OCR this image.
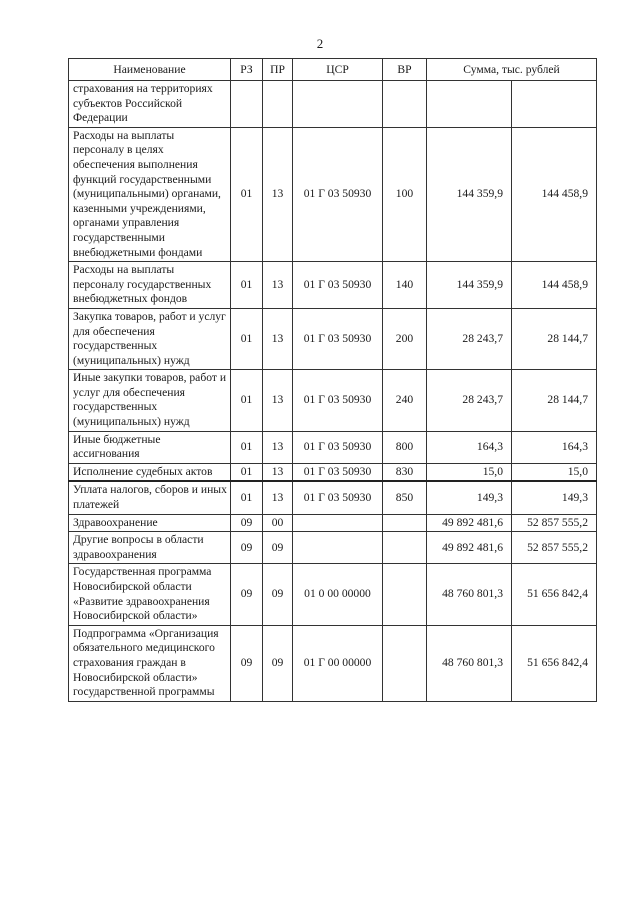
2
Наименование	РЗ	ПР	ЦСР	ВР	Сумма, тыс. рублей	
страхования на территориях субъектов Российской Федерации						
Расходы на выплаты персоналу в целях обеспечения выполнения функций государственными (муниципальными) органами, казенными учреждениями, органами управления государственными внебюджетными фондами	01	13	01 Г 03 50930	100	144 359,9	144 458,9
Расходы на выплаты персоналу государственных внебюджетных фондов	01	13	01 Г 03 50930	140	144 359,9	144 458,9
Закупка товаров, работ и услуг для обеспечения государственных (муниципальных) нужд	01	13	01 Г 03 50930	200	28 243,7	28 144,7
Иные закупки товаров, работ и услуг для обеспечения государственных (муниципальных) нужд	01	13	01 Г 03 50930	240	28 243,7	28 144,7
Иные бюджетные ассигнования	01	13	01 Г 03 50930	800	164,3	164,3
Исполнение судебных актов	01	13	01 Г 03 50930	830	15,0	15,0
Уплата налогов, сборов и иных платежей	01	13	01 Г 03 50930	850	149,3	149,3
Здравоохранение	09	00			49 892 481,6	52 857 555,2
Другие вопросы в области здравоохранения	09	09			49 892 481,6	52 857 555,2
Государственная программа Новосибирской области «Развитие здравоохранения Новосибирской области»	09	09	01 0 00 00000		48 760 801,3	51 656 842,4
Подпрограмма «Организация обязательного медицинского страхования граждан в Новосибирской области» государственной программы	09	09	01 Г 00 00000		48 760 801,3	51 656 842,4
